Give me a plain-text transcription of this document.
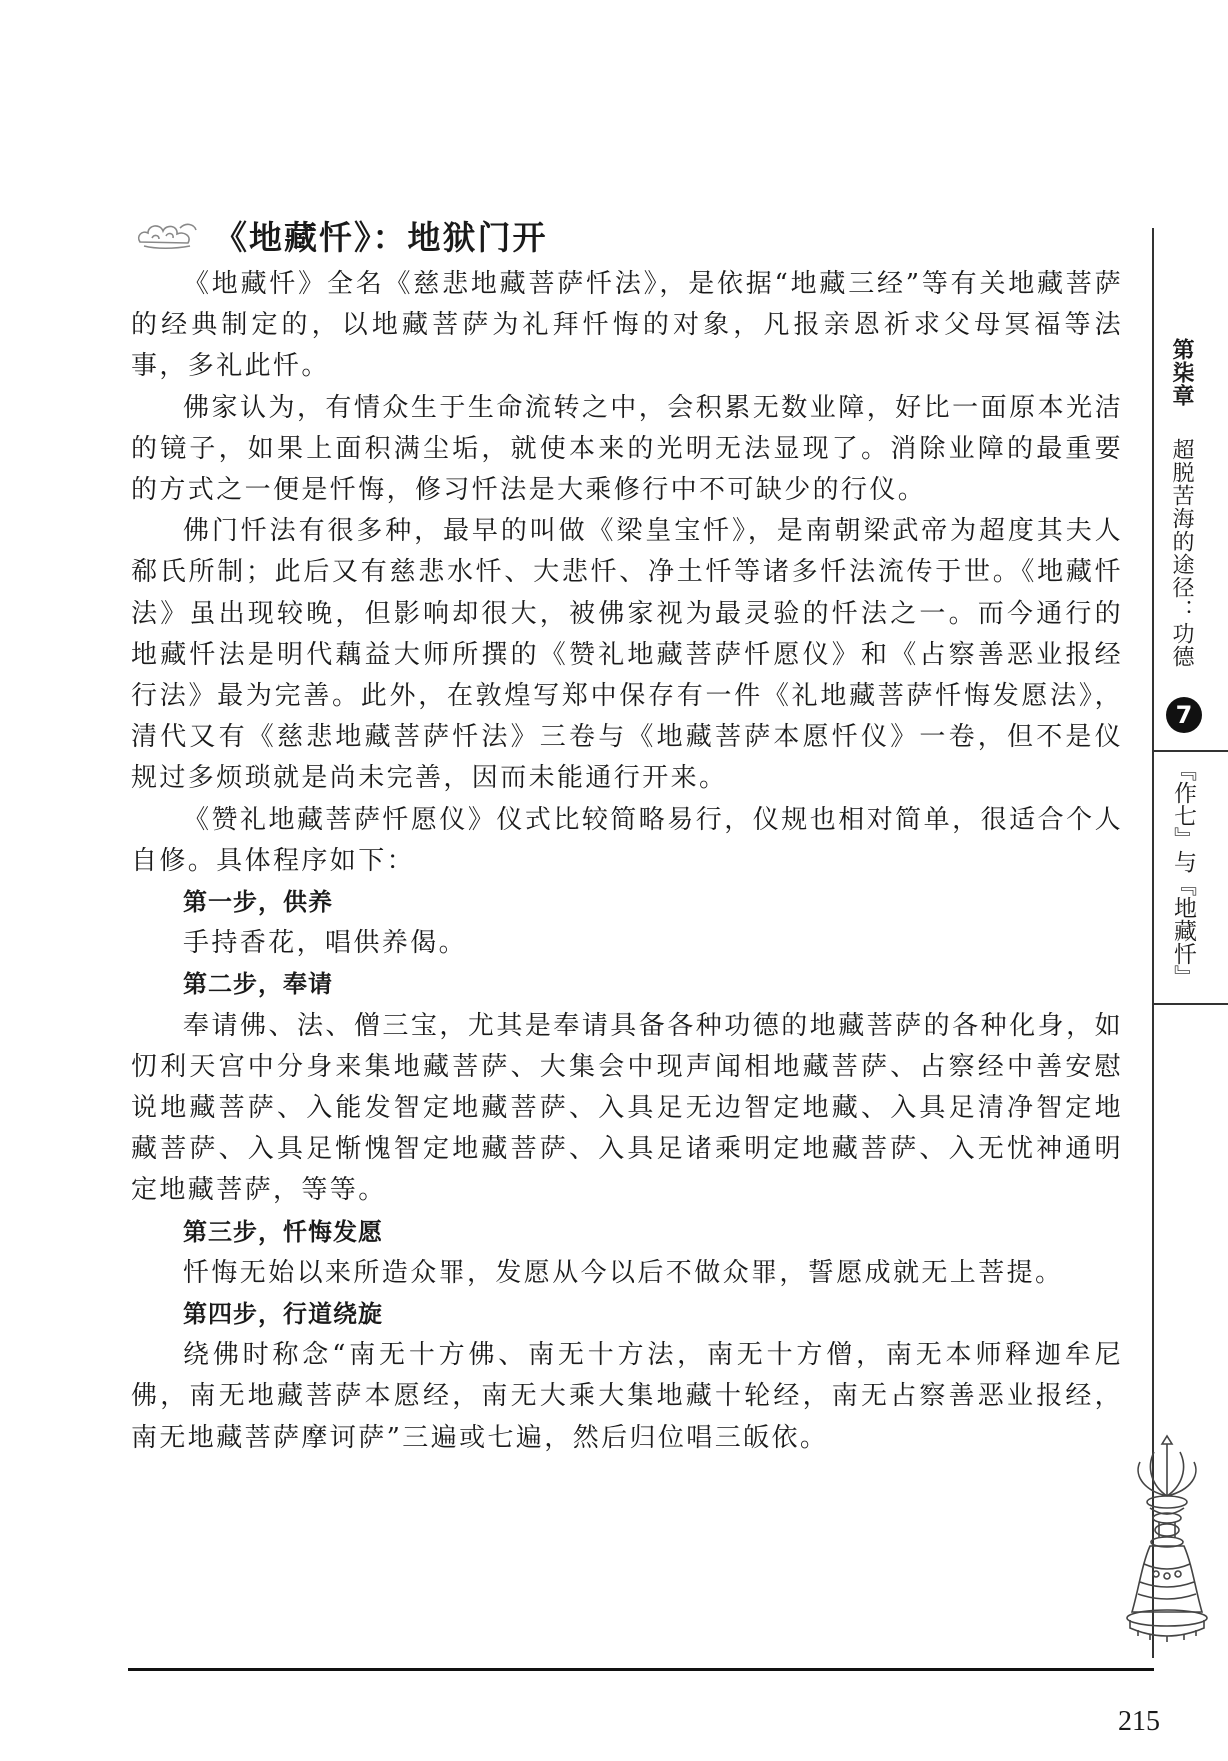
《地藏忏》：地狱门开

《地藏忏》全名《慈悲地藏菩萨忏法》，是依据“地藏三经”等有关地藏菩萨的经典制定的，以地藏菩萨为礼拜忏悔的对象，凡报亲恩祈求父母冥福等法事，多礼此忏。

佛家认为，有情众生于生命流转之中，会积累无数业障，好比一面原本光洁的镜子，如果上面积满尘垢，就使本来的光明无法显现了。消除业障的最重要的方式之一便是忏悔，修习忏法是大乘修行中不可缺少的行仪。

佛门忏法有很多种，最早的叫做《梁皇宝忏》，是南朝梁武帝为超度其夫人郗氏所制；此后又有慈悲水忏、大悲忏、净土忏等诸多忏法流传于世。《地藏忏法》虽出现较晚，但影响却很大，被佛家视为最灵验的忏法之一。而今通行的地藏忏法是明代藕益大师所撰的《赞礼地藏菩萨忏愿仪》和《占察善恶业报经行法》最为完善。此外，在敦煌写郑中保存有一件《礼地藏菩萨忏悔发愿法》，清代又有《慈悲地藏菩萨忏法》三卷与《地藏菩萨本愿忏仪》一卷，但不是仪规过多烦琐就是尚未完善，因而未能通行开来。

《赞礼地藏菩萨忏愿仪》仪式比较简略易行，仪规也相对简单，很适合个人自修。具体程序如下：

第一步，供养

手持香花，唱供养偈。

第二步，奉请

奉请佛、法、僧三宝，尤其是奉请具备各种功德的地藏菩萨的各种化身，如忉利天宫中分身来集地藏菩萨、大集会中现声闻相地藏菩萨、占察经中善安慰说地藏菩萨、入能发智定地藏菩萨、入具足无边智定地藏、入具足清净智定地藏菩萨、入具足惭愧智定地藏菩萨、入具足诸乘明定地藏菩萨、入无忧神通明定地藏菩萨，等等。

第三步，忏悔发愿

忏悔无始以来所造众罪，发愿从今以后不做众罪，誓愿成就无上菩提。

第四步，行道绕旋

绕佛时称念“南无十方佛、南无十方法，南无十方僧，南无本师释迦牟尼佛，南无地藏菩萨本愿经，南无大乘大集地藏十轮经，南无占察善恶业报经，南无地藏菩萨摩诃萨”三遍或七遍，然后归位唱三皈依。

第柒章
超脱苦海的途径：功德
7
『作七』与『地藏忏』
215
